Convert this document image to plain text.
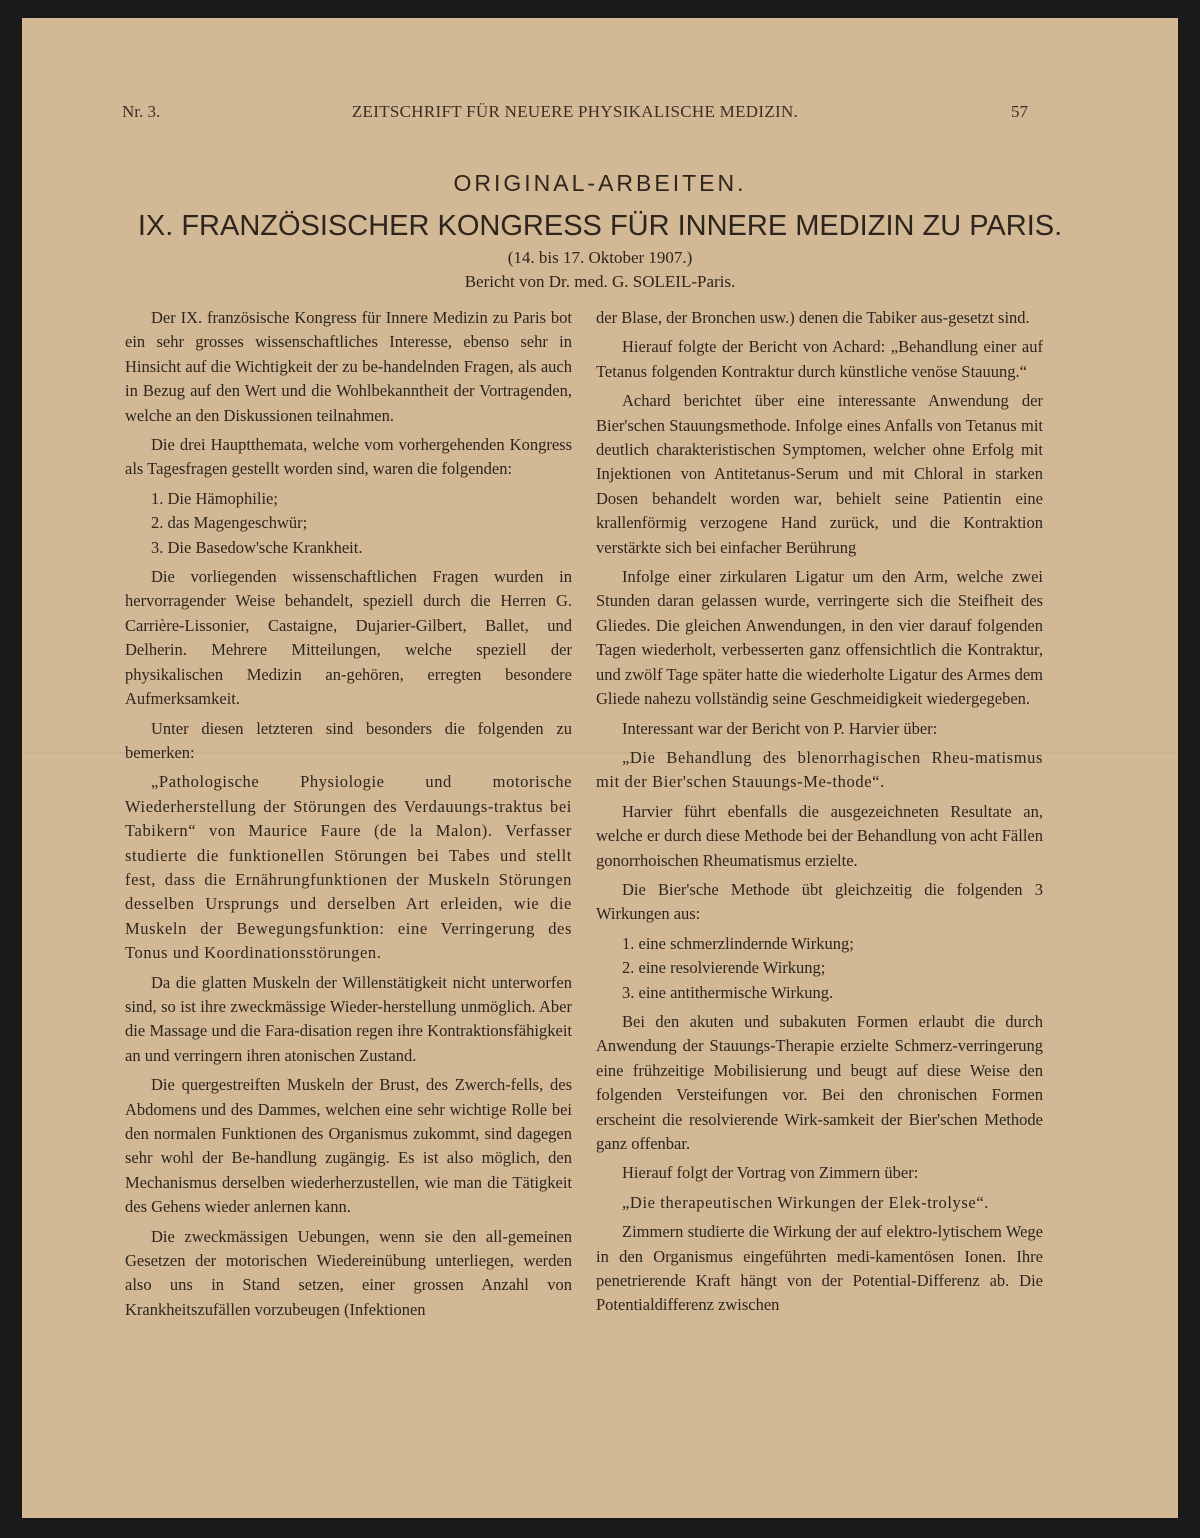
Nr. 3.	ZEITSCHRIFT FÜR NEUERE PHYSIKALISCHE MEDIZIN.	57
ORIGINAL-ARBEITEN.
IX. FRANZÖSISCHER KONGRESS FÜR INNERE MEDIZIN ZU PARIS.
(14. bis 17. Oktober 1907.)
Bericht von Dr. med. G. SOLEIL-Paris.

Der IX. französische Kongress für Innere Medizin zu Paris bot ein sehr grosses wissenschaftliches Interesse, ebenso sehr in Hinsicht auf die Wichtigkeit der zu be-handelnden Fragen, als auch in Bezug auf den Wert und die Wohlbekanntheit der Vortragenden, welche an den Diskussionen teilnahmen.

Die drei Hauptthemata, welche vom vorhergehenden Kongress als Tagesfragen gestellt worden sind, waren die folgenden:

1. Die Hämophilie;
2. das Magengeschwür;
3. Die Basedow'sche Krankheit.

Die vorliegenden wissenschaftlichen Fragen wurden in hervorragender Weise behandelt, speziell durch die Herren G. Carrière-Lissonier, Castaigne, Dujarier-Gilbert, Ballet, und Delherin. Mehrere Mitteilungen, welche speziell der physikalischen Medizin an-gehören, erregten besondere Aufmerksamkeit.

Unter diesen letzteren sind besonders die folgenden zu bemerken:

„Pathologische Physiologie und motorische Wiederherstellung der Störungen des Verdauungs-traktus bei Tabikern“ von Maurice Faure (de la Malon). Verfasser studierte die funktionellen Störungen bei Tabes und stellt fest, dass die Ernährungfunktionen der Muskeln Störungen desselben Ursprungs und derselben Art erleiden, wie die Muskeln der Bewegungsfunktion: eine Verringerung des Tonus und Koordinationsstörungen.

Da die glatten Muskeln der Willenstätigkeit nicht unterworfen sind, so ist ihre zweckmässige Wieder-herstellung unmöglich. Aber die Massage und die Fara-disation regen ihre Kontraktionsfähigkeit an und verringern ihren atonischen Zustand.

Die quergestreiften Muskeln der Brust, des Zwerch-fells, des Abdomens und des Dammes, welchen eine sehr wichtige Rolle bei den normalen Funktionen des Organismus zukommt, sind dagegen sehr wohl der Be-handlung zugängig. Es ist also möglich, den Mechanismus derselben wiederherzustellen, wie man die Tätigkeit des Gehens wieder anlernen kann.

Die zweckmässigen Uebungen, wenn sie den all-gemeinen Gesetzen der motorischen Wiedereinübung unterliegen, werden also uns in Stand setzen, einer grossen Anzahl von Krankheitszufällen vorzubeugen (Infektionen

der Blase, der Bronchen usw.) denen die Tabiker aus-gesetzt sind.

Hierauf folgte der Bericht von Achard: „Behandlung einer auf Tetanus folgenden Kontraktur durch künstliche venöse Stauung.“

Achard berichtet über eine interessante Anwendung der Bier'schen Stauungsmethode. Infolge eines Anfalls von Tetanus mit deutlich charakteristischen Symptomen, welcher ohne Erfolg mit Injektionen von Antitetanus-Serum und mit Chloral in starken Dosen behandelt worden war, behielt seine Patientin eine krallenförmig verzogene Hand zurück, und die Kontraktion verstärkte sich bei einfacher Berührung

Infolge einer zirkularen Ligatur um den Arm, welche zwei Stunden daran gelassen wurde, verringerte sich die Steifheit des Gliedes. Die gleichen Anwendungen, in den vier darauf folgenden Tagen wiederholt, verbesserten ganz offensichtlich die Kontraktur, und zwölf Tage später hatte die wiederholte Ligatur des Armes dem Gliede nahezu vollständig seine Geschmeidigkeit wiedergegeben.

Interessant war der Bericht von P. Harvier über:

„Die Behandlung des blenorrhagischen Rheu-matismus mit der Bier'schen Stauungs-Me-thode“.

Harvier führt ebenfalls die ausgezeichneten Resultate an, welche er durch diese Methode bei der Behandlung von acht Fällen gonorrhoischen Rheumatismus erzielte.

Die Bier'sche Methode übt gleichzeitig die folgenden 3 Wirkungen aus:

1. eine schmerzlindernde Wirkung;
2. eine resolvierende Wirkung;
3. eine antithermische Wirkung.

Bei den akuten und subakuten Formen erlaubt die durch Anwendung der Stauungs-Therapie erzielte Schmerz-verringerung eine frühzeitige Mobilisierung und beugt auf diese Weise den folgenden Versteifungen vor. Bei den chronischen Formen erscheint die resolvierende Wirk-samkeit der Bier'schen Methode ganz offenbar.

Hierauf folgt der Vortrag von Zimmern über:

„Die therapeutischen Wirkungen der Elek-trolyse“.

Zimmern studierte die Wirkung der auf elektro-lytischem Wege in den Organismus eingeführten medi-kamentösen Ionen. Ihre penetrierende Kraft hängt von der Potential-Differenz ab. Die Potentialdifferenz zwischen
